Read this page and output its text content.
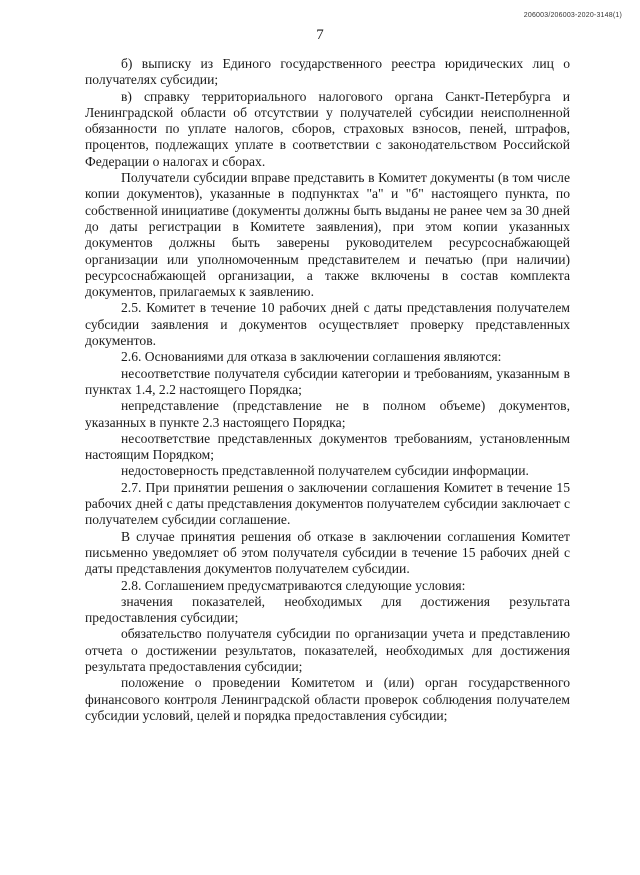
206003/206003-2020-3148(1)
7

б) выписку из Единого государственного реестра юридических лиц о получателях субсидии;

в) справку территориального налогового органа Санкт-Петербурга и Ленинградской области об отсутствии у получателей субсидии неисполненной обязанности по уплате налогов, сборов, страховых взносов, пеней, штрафов, процентов, подлежащих уплате в соответствии с законодательством Российской Федерации о налогах и сборах.

Получатели субсидии вправе представить в Комитет документы (в том числе копии документов), указанные в подпунктах "а" и "б" настоящего пункта, по собственной инициативе (документы должны быть выданы не ранее чем за 30 дней до даты регистрации в Комитете заявления), при этом копии указанных документов должны быть заверены руководителем ресурсоснабжающей организации или уполномоченным представителем и печатью (при наличии) ресурсоснабжающей организации, а также включены в состав комплекта документов, прилагаемых к заявлению.

2.5. Комитет в течение 10 рабочих дней с даты представления получателем субсидии заявления и документов осуществляет проверку представленных документов.

2.6. Основаниями для отказа в заключении соглашения являются:

несоответствие получателя субсидии категории и требованиям, указанным в пунктах 1.4, 2.2 настоящего Порядка;

непредставление (представление не в полном объеме) документов, указанных в пункте 2.3 настоящего Порядка;

несоответствие представленных документов требованиям, установленным настоящим Порядком;

недостоверность представленной получателем субсидии информации.

2.7. При принятии решения о заключении соглашения Комитет в течение 15 рабочих дней с даты представления документов получателем субсидии заключает с получателем субсидии соглашение.

В случае принятия решения об отказе в заключении соглашения Комитет письменно уведомляет об этом получателя субсидии в течение 15 рабочих дней с даты представления документов получателем субсидии.

2.8. Соглашением предусматриваются следующие условия:

значения показателей, необходимых для достижения результата предоставления субсидии;

обязательство получателя субсидии по организации учета и представлению отчета о достижении результатов, показателей, необходимых для достижения результата предоставления субсидии;

положение о проведении Комитетом и (или) орган государственного финансового контроля Ленинградской области проверок соблюдения получателем субсидии условий, целей и порядка предоставления субсидии;
